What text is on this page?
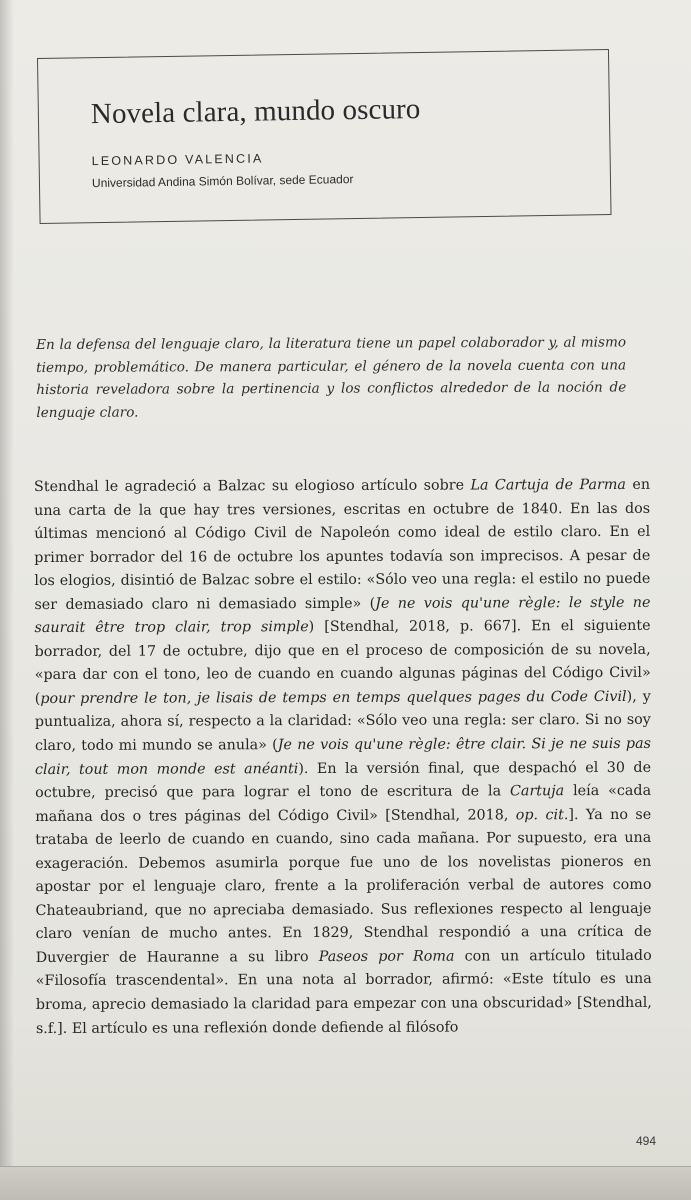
Novela clara, mundo oscuro
LEONARDO VALENCIA
Universidad Andina Simón Bolívar, sede Ecuador

En la defensa del lenguaje claro, la literatura tiene un papel colaborador y, al mismo tiempo, problemático. De manera particular, el género de la novela cuenta con una historia reveladora sobre la pertinencia y los conflictos alrededor de la noción de lenguaje claro.

Stendhal le agradeció a Balzac su elogioso artículo sobre La Cartuja de Parma en una carta de la que hay tres versiones, escritas en octubre de 1840. En las dos últimas mencionó al Código Civil de Napoleón como ideal de estilo claro. En el primer borrador del 16 de octubre los apuntes todavía son imprecisos. A pesar de los elogios, disintió de Balzac sobre el estilo: «Sólo veo una regla: el estilo no puede ser demasiado claro ni demasiado simple» (Je ne vois qu'une règle: le style ne saurait être trop clair, trop simple) [Stendhal, 2018, p. 667]. En el siguiente borrador, del 17 de octubre, dijo que en el proceso de composición de su novela, «para dar con el tono, leo de cuando en cuando algunas páginas del Código Civil» (pour prendre le ton, je lisais de temps en temps quelques pages du Code Civil), y puntualiza, ahora sí, respecto a la claridad: «Sólo veo una regla: ser claro. Si no soy claro, todo mi mundo se anula» (Je ne vois qu'une règle: être clair. Si je ne suis pas clair, tout mon monde est anéanti). En la versión final, que despachó el 30 de octubre, precisó que para lograr el tono de escritura de la Cartuja leía «cada mañana dos o tres páginas del Código Civil» [Stendhal, 2018, op. cit.]. Ya no se trataba de leerlo de cuando en cuando, sino cada mañana. Por supuesto, era una exageración. Debemos asumirla porque fue uno de los novelistas pioneros en apostar por el lenguaje claro, frente a la proliferación verbal de autores como Chateaubriand, que no apreciaba demasiado. Sus reflexiones respecto al lenguaje claro venían de mucho antes. En 1829, Stendhal respondió a una crítica de Duvergier de Hauranne a su libro Paseos por Roma con un artículo titulado «Filosofía trascendental». En una nota al borrador, afirmó: «Este título es una broma, aprecio demasiado la claridad para empezar con una obscuridad» [Stendhal, s.f.]. El artículo es una reflexión donde defiende al filósofo

494
